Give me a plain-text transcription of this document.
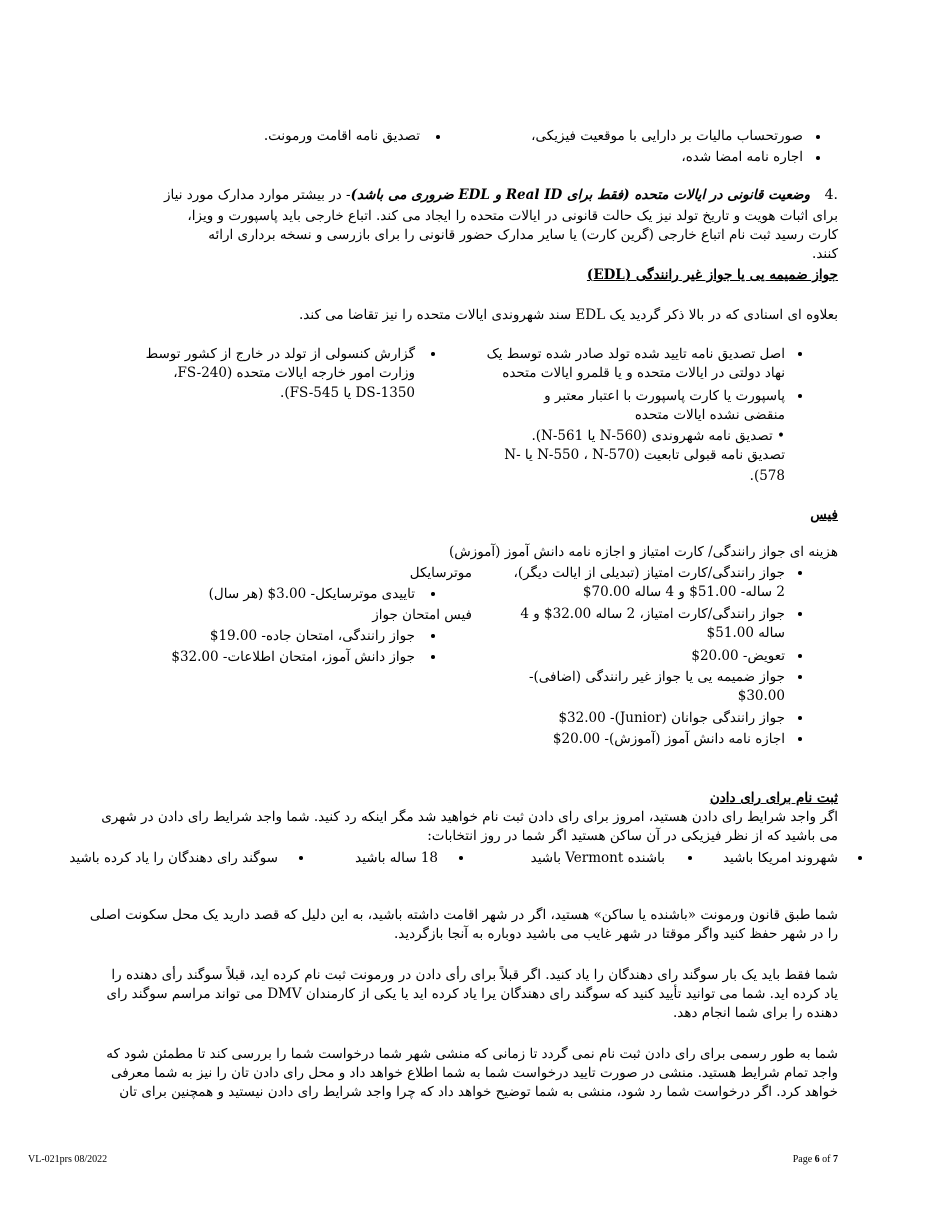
صورتحساب مالیات بر دارایی با موقعیت فیزیکی،
تصدیق نامه اقامت ورمونت.
اجاره نامه امضا شده،
4.
وضعیت قانونی در ایالات متحده (فقط برای Real ID و EDL ضروری می باشد)- در بیشتر موارد مدارک مورد نیاز
برای اثبات هویت و تاریخ تولد نیز یک حالت قانونی در ایالات متحده را ایجاد می کند. اتباع خارجی باید پاسپورت و ویزا،
کارت رسید ثبت نام اتباع خارجی (گرین کارت) یا سایر مدارک حضور قانونی را برای بازرسی و نسخه برداری ارائه
کنند.
جواز ضمیمه یی یا جواز غیر رانندگی (EDL)
بعلاوه ای اسنادی که در بالا ذکر گردید یک EDL سند شهروندی ایالات متحده را نیز تقاضا می کند.
اصل تصدیق نامه تایید شده تولد صادر شده توسط یک
نهاد دولتی در ایالات متحده و یا قلمرو ایالات متحده
پاسپورت یا کارت پاسپورت با اعتبار معتبر و
منقضی نشده ایالات متحده
• تصدیق نامه شهروندی (N-560 یا N-561).
تصدیق نامه قبولی تابعیت (N-550 ، N-570 یا -N
578).
گزارش کنسولی از تولد در خارج از کشور توسط
وزارت امور خارجه ایالات متحده (FS-240،
DS-1350 یا FS-545).
فیس
هزینه ای جواز رانندگی/ کارت امتیاز و اجازه نامه دانش آموز (آموزش)
جواز رانندگی/کارت امتیاز (تبدیلی از ایالت دیگر)،
2 ساله- 51.00$ و 4 ساله 70.00$
جواز رانندگی/کارت امتیاز، 2 ساله 32.00$ و 4
ساله 51.00$
تعویض- 20.00$
جواز ضمیمه یی یا جواز غیر رانندگی (اضافی)-
$30.00
جواز رانندگی جوانان (Junior)- $32.00
اجازه نامه دانش آموز (آموزش)- 20.00$
موترسایکل
تاییدی موترسایکل- 3.00$ (هر سال)
فیس امتحان جواز
جواز رانندگی، امتحان جاده- 19.00$
جواز دانش آموز، امتحان اطلاعات- 32.00$
ثبت نام برای رای دادن
اگر واجد شرایط رای دادن هستید، امروز برای رای دادن ثبت نام خواهید شد مگر اینکه رد کنید. شما واجد شرایط رای دادن در شهری
می باشید که از نظر فیزیکی در آن ساکن هستید اگر شما در روز انتخابات:
شهروند امریکا باشید
باشنده Vermont باشید
18 ساله باشید
سوگند رای دهندگان را یاد کرده باشید
شما طبق قانون ورمونت «باشنده یا ساکن» هستید، اگر در شهر اقامت داشته باشید، به این دلیل که قصد دارید یک محل سکونت اصلی
را در شهر حفظ کنید واگر موقتا در شهر غایب می باشید دوباره به آنجا بازگردید.
شما فقط باید یک بار سوگند رای دهندگان را یاد کنید. اگر قبلاً برای رأی دادن در ورمونت ثبت نام کرده اید، قبلاً سوگند رأی دهنده را
یاد کرده اید. شما می توانید تأیید کنید که سوگند رای دهندگان یرا یاد کرده اید یا یکی از کارمندان DMV می تواند مراسم سوگند رای
دهنده را برای شما انجام دهد.
شما به طور رسمی برای رای دادن ثبت نام نمی گردد تا زمانی که منشی شهر شما درخواست شما را بررسی کند تا مطمئن شود که
واجد تمام شرایط هستید. منشی در صورت تایید درخواست شما به شما اطلاع خواهد داد و محل رای دادن تان را نیز به شما معرفی
خواهد کرد. اگر درخواست شما رد شود، منشی به شما توضیح خواهد داد که چرا واجد شرایط رای دادن نیستید و همچنین برای تان
VL-021prs 08/2022	Page 6 of 7
